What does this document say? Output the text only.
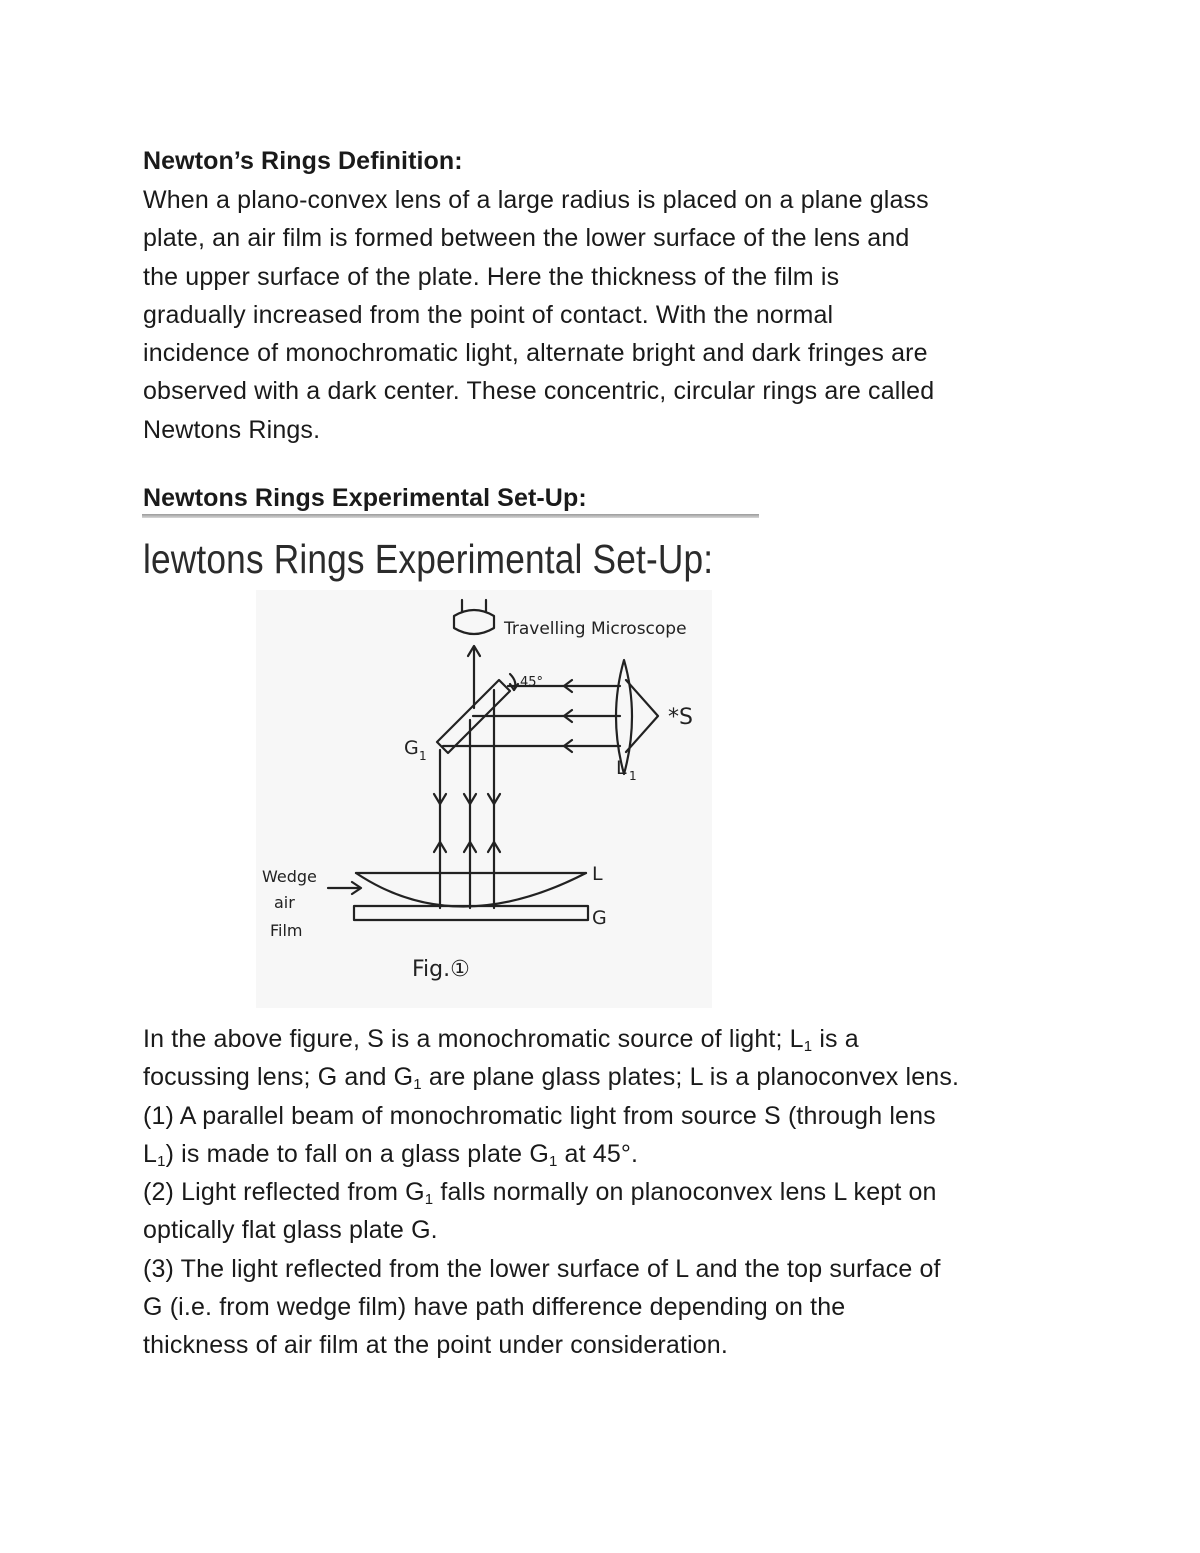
Newton’s Rings Definition:

When a plano-convex lens of a large radius is placed on a plane glass

plate, an air film is formed between the lower surface of the lens and

the upper surface of the plate. Here the thickness of the film is

gradually increased from the point of contact. With the normal

incidence of monochromatic light, alternate bright and dark fringes are

observed with a dark center. These concentric, circular rings are called

Newtons Rings.

Newtons Rings Experimental Set-Up:
lewtons Rings Experimental Set-Up:
Travelling Microscope
45°
*S
L 1
G 1
L
G
Wedge
air
Film
Fig.①

In the above figure, S is a monochromatic source of light; $L_1$ is a

focussing lens; G and $G_1$ are plane glass plates; L is a planoconvex lens.

(1) A parallel beam of monochromatic light from source S (through lens

$L_1$) is made to fall on a glass plate $G_1$ at 45°.

(2) Light reflected from $G_1$ falls normally on planoconvex lens L kept on

optically flat glass plate G.

(3) The light reflected from the lower surface of L and the top surface of

G (i.e. from wedge film) have path difference depending on the

thickness of air film at the point under consideration.
